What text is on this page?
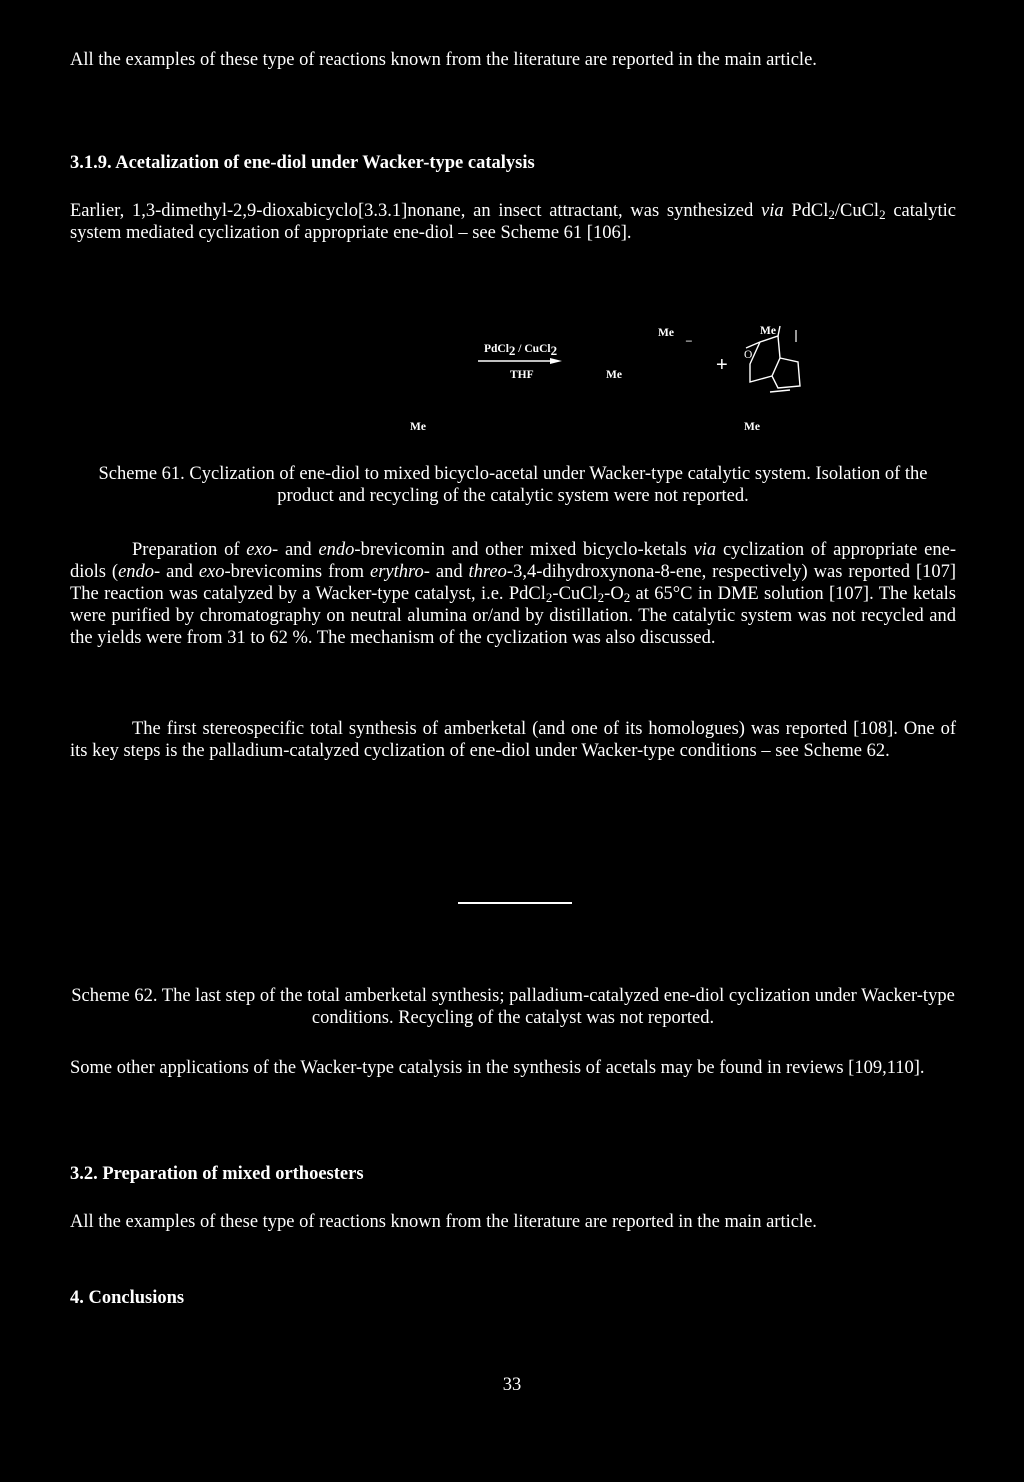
All the examples of these type of reactions known from the literature are reported in the main article.

3.1.9. Acetalization of ene-diol under Wacker-type catalysis

Earlier, 1,3-dimethyl-2,9-dioxabicyclo[3.3.1]nonane, an insect attractant, was synthesized via PdCl$_2$/CuCl$_2$ catalytic system mediated cyclization of appropriate ene-diol – see Scheme 61 [106].

PdCl$_2$ / CuCl$_2$
THF	Me
Me _
+
Me
Me
O
Me

Scheme 61. Cyclization of ene-diol to mixed bicyclo-acetal under Wacker-type catalytic system. Isolation of the product and recycling of the catalytic system were not reported.

Preparation of exo- and endo-brevicomin and other mixed bicyclo-ketals via cyclization of appropriate ene-diols (endo- and exo-brevicomins from erythro- and threo-3,4-dihydroxynona-8-ene, respectively) was reported [107] The reaction was catalyzed by a Wacker-type catalyst, i.e. $PdCl_2-CuCl_2-O_2$ at 65°C in DME solution [107]. The ketals were purified by chromatography on neutral alumina or/and by distillation. The catalytic system was not recycled and the yields were from 31 to 62 %. The mechanism of the cyclization was also discussed.

The first stereospecific total synthesis of amberketal (and one of its homologues) was reported [108]. One of its key steps is the palladium-catalyzed cyclization of ene-diol under Wacker-type conditions – see Scheme 62.

Scheme 62. The last step of the total amberketal synthesis; palladium-catalyzed ene-diol cyclization under Wacker-type conditions. Recycling of the catalyst was not reported.

Some other applications of the Wacker-type catalysis in the synthesis of acetals may be found in reviews [109,110].

3.2. Preparation of mixed orthoesters

All the examples of these type of reactions known from the literature are reported in the main article.

4. Conclusions

33
